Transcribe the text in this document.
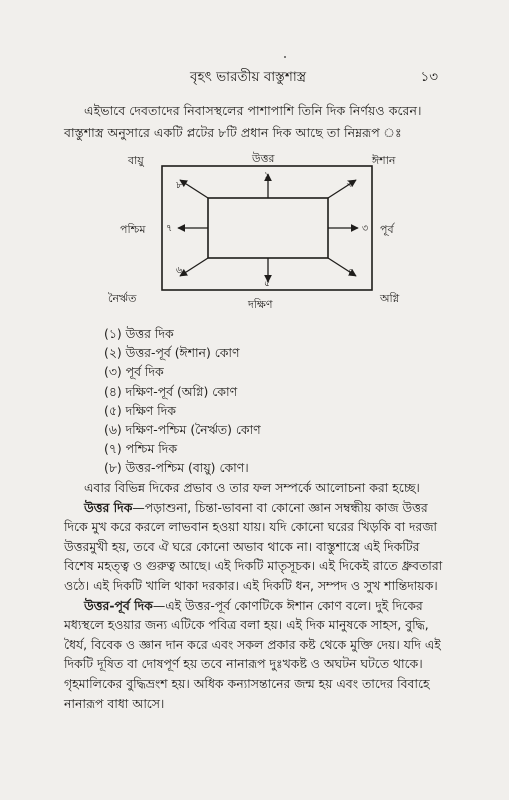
বৃহৎ ভারতীয় বাস্তুশাস্ত্র	১৩

এইভাবে দেবতাদের নিবাসস্থলের পাশাপাশি তিনি দিক নির্ণয়ও করেন।

বাস্তুশাস্ত্র অনুসারে একটি প্লটের ৮টি প্রধান দিক আছে তা নিম্নরূপ ঃ

বায়ু	উত্তর	ঈশান
পশ্চিম	পূর্ব
নৈর্ঋত	দক্ষিণ	অগ্নি
১
২
৩
৪
৫
৬
৭
৮
(১) উত্তর দিক
(২) উত্তর-পূর্ব (ঈশান) কোণ
(৩) পূর্ব দিক
(৪) দক্ষিণ-পূর্ব (অগ্নি) কোণ
(৫) দক্ষিণ দিক
(৬) দক্ষিণ-পশ্চিম (নৈর্ঋত) কোণ
(৭) পশ্চিম দিক
(৮) উত্তর-পশ্চিম (বায়ু) কোণ।

এবার বিভিন্ন দিকের প্রভাব ও তার ফল সম্পর্কে আলোচনা করা হচ্ছে।

উত্তর দিক—পড়াশুনা, চিন্তা-ভাবনা বা কোনো জ্ঞান সম্বন্ধীয় কাজ উত্তর দিকে মুখ করে করলে লাভবান হওয়া যায়। যদি কোনো ঘরের খিড়কি বা দরজা উত্তরমুখী হয়, তবে ঐ ঘরে কোনো অভাব থাকে না। বাস্তুশাস্ত্রে এই দিকটির বিশেষ মহত্ত্ব ও গুরুত্ব আছে। এই দিকটি মাতৃসূচক। এই দিকেই রাতে ধ্রুবতারা ওঠে। এই দিকটি খালি থাকা দরকার। এই দিকটি ধন, সম্পদ ও সুখ শান্তিদায়ক।

উত্তর-পূর্ব দিক—এই উত্তর-পূর্ব কোণটিকে ঈশান কোণ বলে। দুই দিকের মধ্যস্থলে হওয়ার জন্য এটিকে পবিত্র বলা হয়। এই দিক মানুষকে সাহস, বুদ্ধি, ধৈর্য, বিবেক ও জ্ঞান দান করে এবং সকল প্রকার কষ্ট থেকে মুক্তি দেয়। যদি এই দিকটি দূষিত বা দোষপূর্ণ হয় তবে নানারূপ দুঃখকষ্ট ও অঘটন ঘটতে থাকে। গৃহমালিকের বুদ্ধিভ্রংশ হয়। অধিক কন্যাসন্তানের জন্ম হয় এবং তাদের বিবাহে নানারূপ বাধা আসে।
